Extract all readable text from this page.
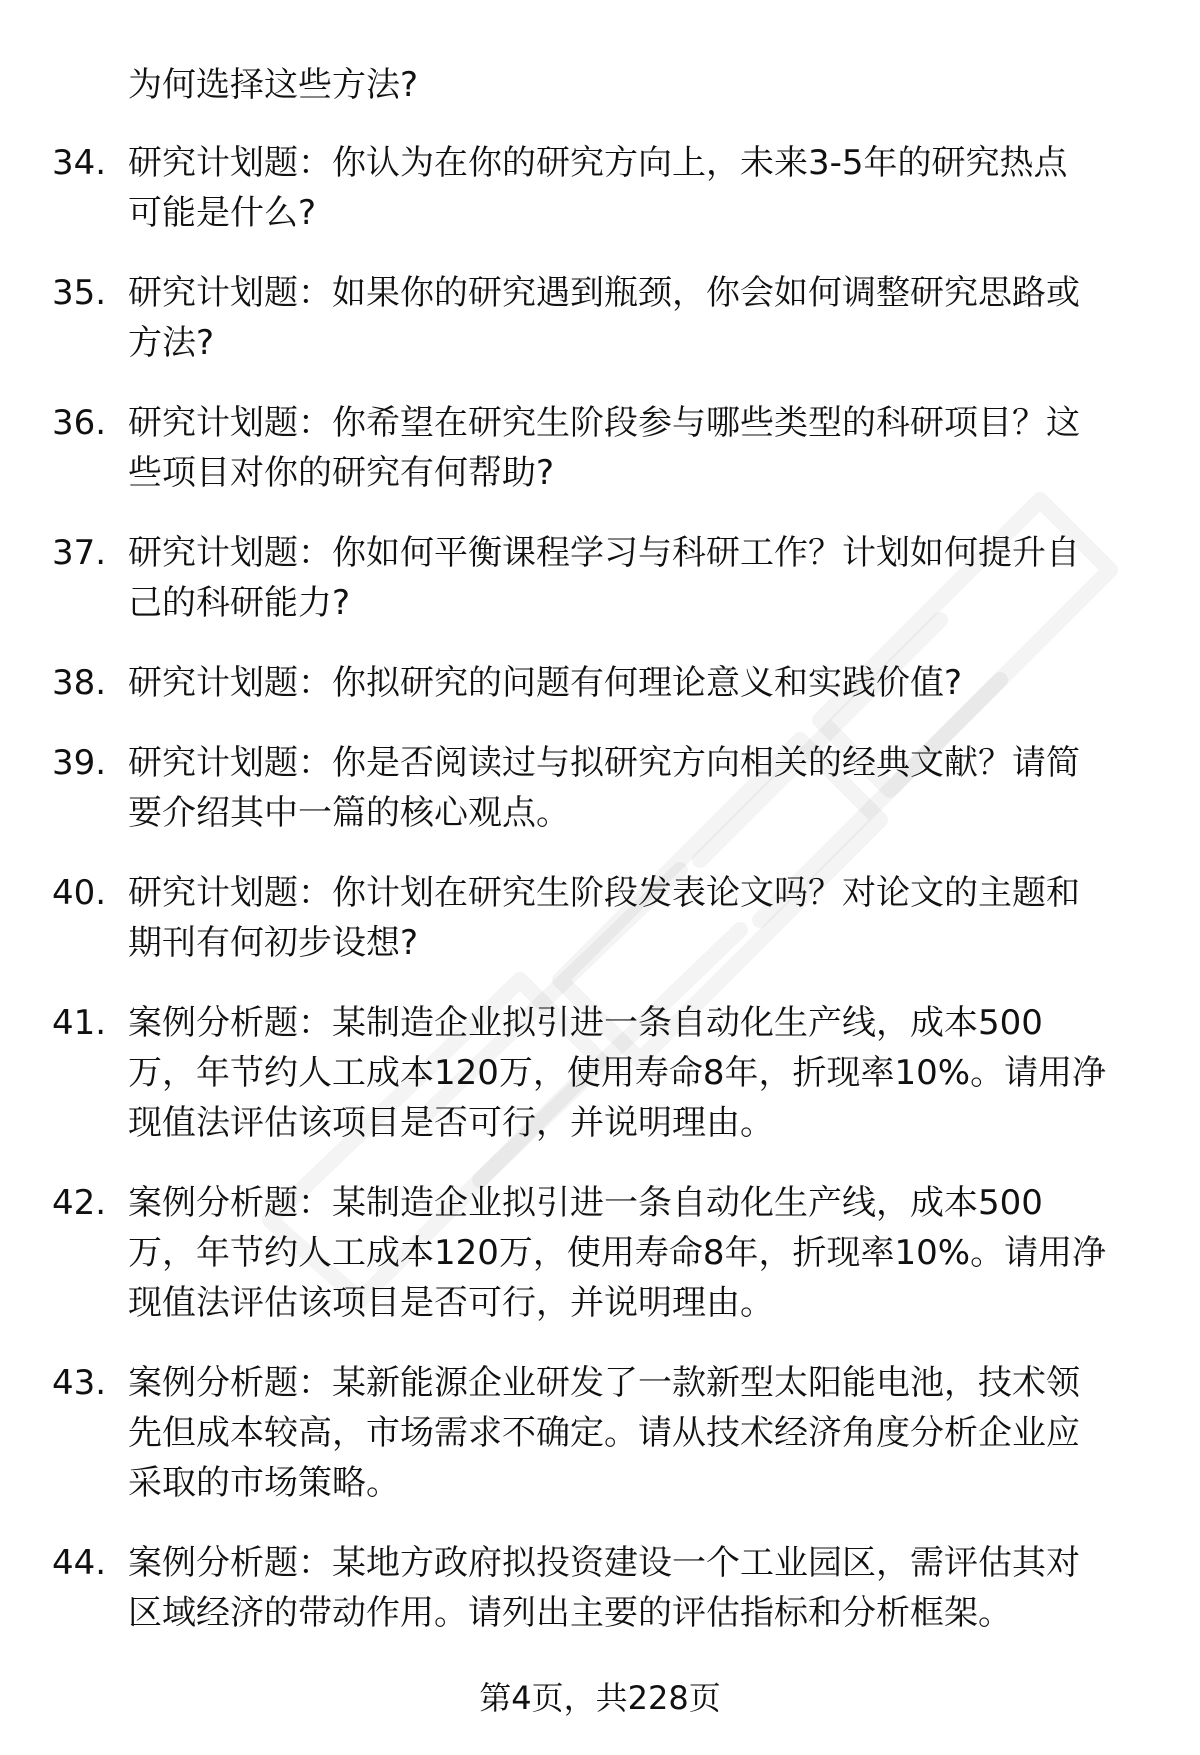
为何选择这些方法?
34. 研究计划题：你认为在你的研究方向上，未来3-5年的研究热点
可能是什么?
35. 研究计划题：如果你的研究遇到瓶颈，你会如何调整研究思路或
方法?
36. 研究计划题：你希望在研究生阶段参与哪些类型的科研项目？这
些项目对你的研究有何帮助?
37. 研究计划题：你如何平衡课程学习与科研工作？计划如何提升自
己的科研能力?
38. 研究计划题：你拟研究的问题有何理论意义和实践价值?
39. 研究计划题：你是否阅读过与拟研究方向相关的经典文献？请简
要介绍其中一篇的核心观点。
40. 研究计划题：你计划在研究生阶段发表论文吗？对论文的主题和
期刊有何初步设想?
41. 案例分析题：某制造企业拟引进一条自动化生产线，成本500
万，年节约人工成本120万，使用寿命8年，折现率10%。请用净
现值法评估该项目是否可行，并说明理由。
42. 案例分析题：某制造企业拟引进一条自动化生产线，成本500
万，年节约人工成本120万，使用寿命8年，折现率10%。请用净
现值法评估该项目是否可行，并说明理由。
43. 案例分析题：某新能源企业研发了一款新型太阳能电池，技术领
先但成本较高，市场需求不确定。请从技术经济角度分析企业应
采取的市场策略。
44. 案例分析题：某地方政府拟投资建设一个工业园区，需评估其对
区域经济的带动作用。请列出主要的评估指标和分析框架。
第4页，共228页
